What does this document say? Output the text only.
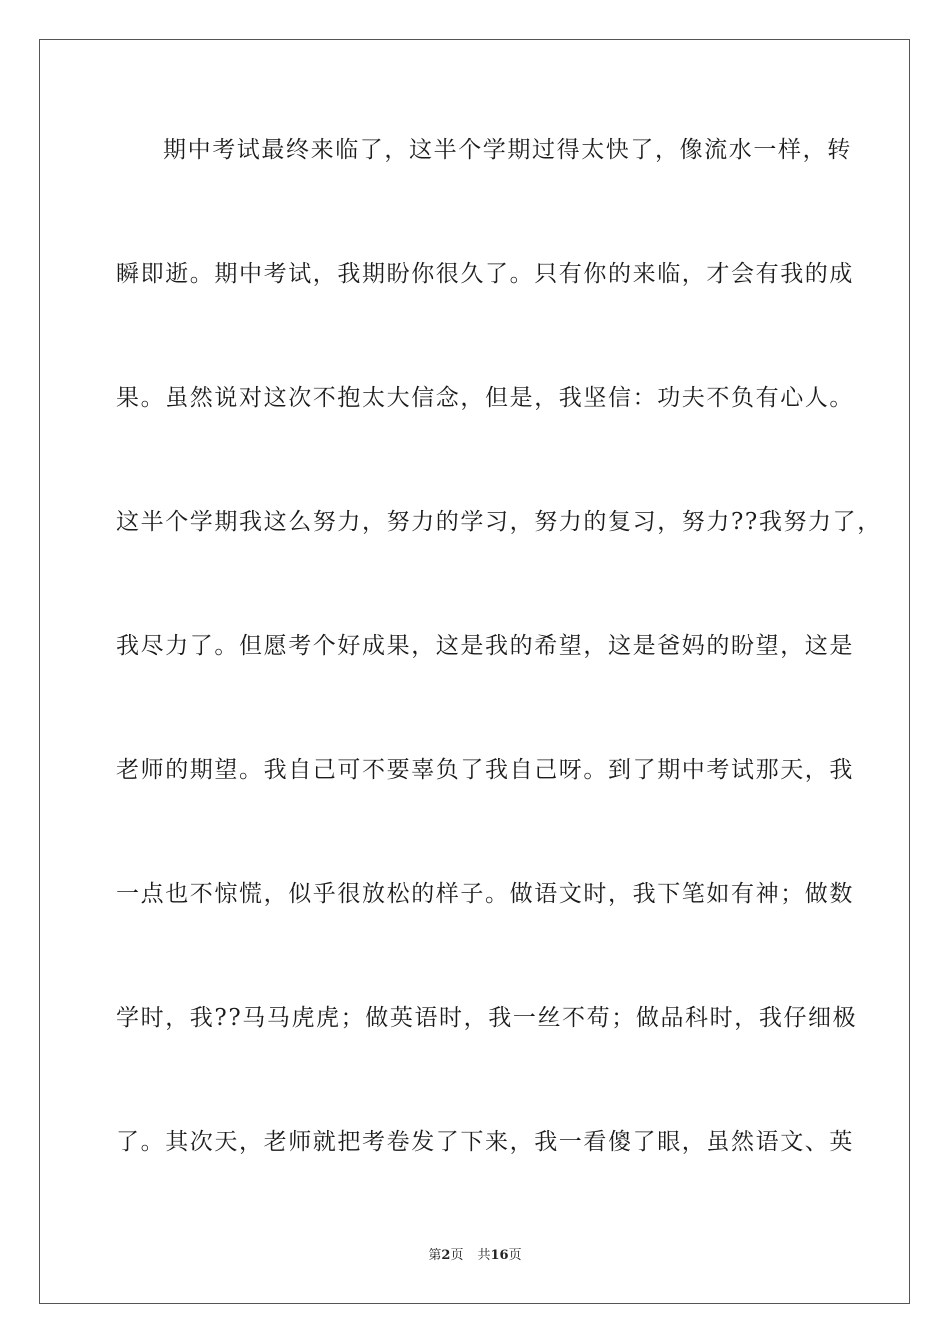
期中考试最终来临了，这半个学期过得太快了，像流水一样，转
瞬即逝。期中考试，我期盼你很久了。只有你的来临，才会有我的成
果。虽然说对这次不抱太大信念，但是，我坚信：功夫不负有心人。
这半个学期我这么努力，努力的学习，努力的复习，努力??我努力了，
我尽力了。但愿考个好成果，这是我的希望，这是爸妈的盼望，这是
老师的期望。我自己可不要辜负了我自己呀。到了期中考试那天，我
一点也不惊慌，似乎很放松的样子。做语文时，我下笔如有神；做数
学时，我??马马虎虎；做英语时，我一丝不苟；做品科时，我仔细极
了。其次天，老师就把考卷发了下来，我一看傻了眼，虽然语文、英
第2页 共16页
